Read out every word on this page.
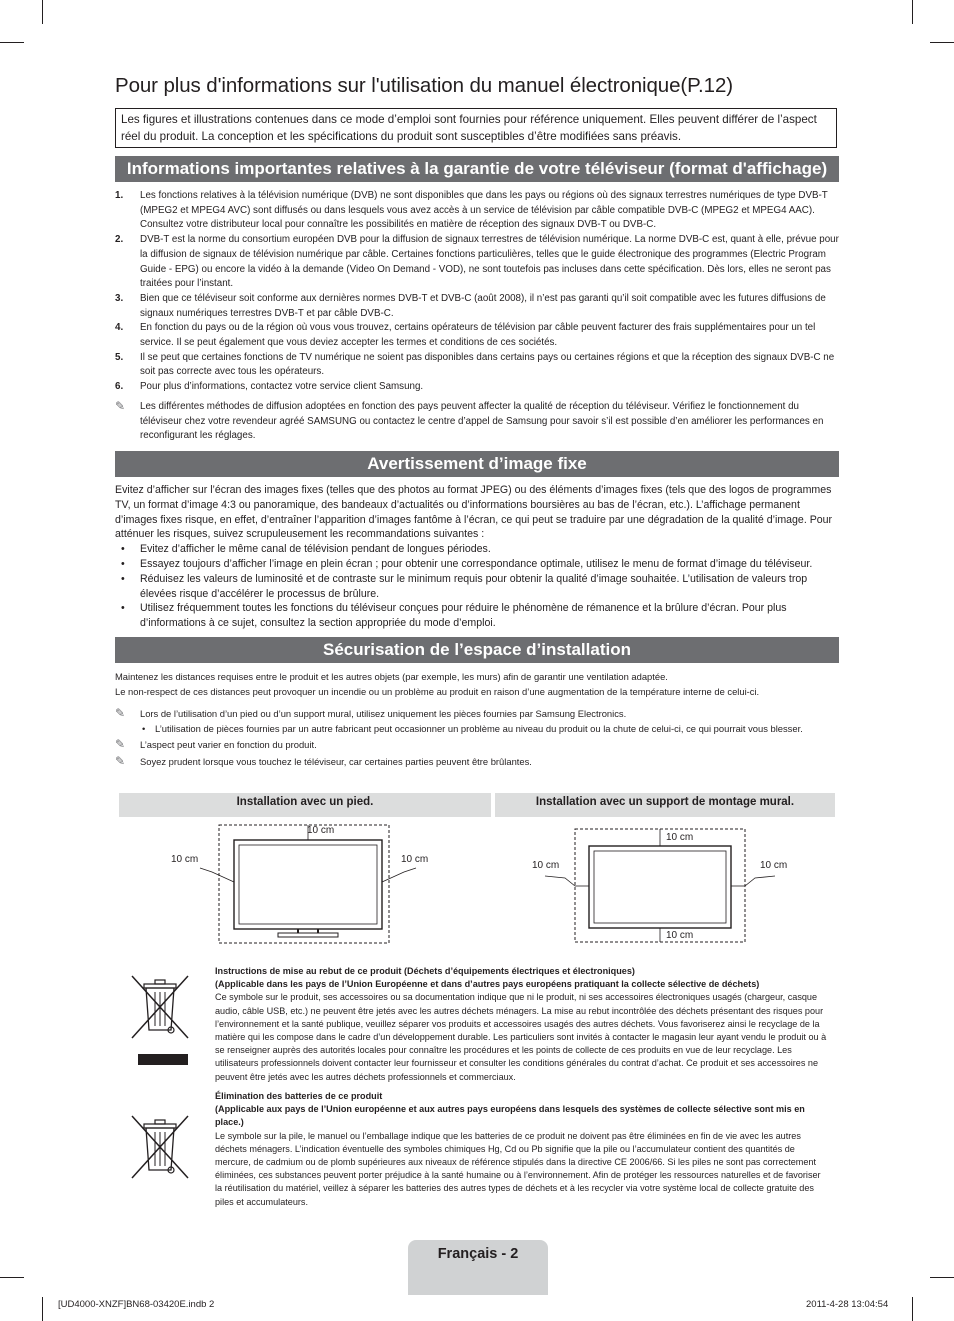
Pour plus d'informations sur l'utilisation du manuel électronique(P.12)
Les figures et illustrations contenues dans ce mode d’emploi sont fournies pour référence uniquement. Elles peuvent différer de l’aspect réel du produit. La conception et les spécifications du produit sont susceptibles d’être modifiées sans préavis.
Informations importantes relatives à la garantie de votre téléviseur (format d'affichage)
1. Les fonctions relatives à la télévision numérique (DVB) ne sont disponibles que dans les pays ou régions où des signaux terrestres numériques de type DVB-T (MPEG2 et MPEG4 AVC) sont diffusés ou dans lesquels vous avez accès à un service de télévision par câble compatible DVB-C (MPEG2 et MPEG4 AAC). Consultez votre distributeur local pour connaître les possibilités en matière de réception des signaux DVB-T ou DVB-C.
2. DVB-T est la norme du consortium européen DVB pour la diffusion de signaux terrestres de télévision numérique. La norme DVB-C est, quant à elle, prévue pour la diffusion de signaux de télévision numérique par câble. Certaines fonctions particulières, telles que le guide électronique des programmes (Electric Program Guide - EPG) ou encore la vidéo à la demande (Video On Demand - VOD), ne sont toutefois pas incluses dans cette spécification. Dès lors, elles ne seront pas traitées pour l’instant.
3. Bien que ce téléviseur soit conforme aux dernières normes DVB-T et DVB-C (août 2008), il n’est pas garanti qu’il soit compatible avec les futures diffusions de signaux numériques terrestres DVB-T et par câble DVB-C.
4. En fonction du pays ou de la région où vous vous trouvez, certains opérateurs de télévision par câble peuvent facturer des frais supplémentaires pour un tel service. Il se peut également que vous deviez accepter les termes et conditions de ces sociétés.
5. Il se peut que certaines fonctions de TV numérique ne soient pas disponibles dans certains pays ou certaines régions et que la réception des signaux DVB-C ne soit pas correcte avec tous les opérateurs.
6. Pour plus d’informations, contactez votre service client Samsung.
✎ Les différentes méthodes de diffusion adoptées en fonction des pays peuvent affecter la qualité de réception du téléviseur. Vérifiez le fonctionnement du téléviseur chez votre revendeur agréé SAMSUNG ou contactez le centre d’appel de Samsung pour savoir s’il est possible d’en améliorer les performances en reconfigurant les réglages.
Avertissement d’image fixe
Evitez d’afficher sur l’écran des images fixes (telles que des photos au format JPEG) ou des éléments d’images fixes (tels que des logos de programmes TV, un format d’image 4:3 ou panoramique, des bandeaux d’actualités ou d’informations boursières au bas de l’écran, etc.). L’affichage permanent d’images fixes risque, en effet, d’entraîner l’apparition d’images fantôme à l’écran, ce qui peut se traduire par une dégradation de la qualité d’image. Pour atténuer les risques, suivez scrupuleusement les recommandations suivantes :
• Evitez d’afficher le même canal de télévision pendant de longues périodes.
• Essayez toujours d’afficher l’image en plein écran ; pour obtenir une correspondance optimale, utilisez le menu de format d’image du téléviseur.
• Réduisez les valeurs de luminosité et de contraste sur le minimum requis pour obtenir la qualité d’image souhaitée. L’utilisation de valeurs trop élevées risque d’accélérer le processus de brûlure.
• Utilisez fréquemment toutes les fonctions du téléviseur conçues pour réduire le phénomène de rémanence et la brûlure d’écran. Pour plus d’informations à ce sujet, consultez la section appropriée du mode d’emploi.
Sécurisation de l’espace d’installation
Maintenez les distances requises entre le produit et les autres objets (par exemple, les murs) afin de garantir une ventilation adaptée.
Le non-respect de ces distances peut provoquer un incendie ou un problème au produit en raison d’une augmentation de la température interne de celui-ci.
✎ Lors de l’utilisation d’un pied ou d’un support mural, utilisez uniquement les pièces fournies par Samsung Electronics.
• L’utilisation de pièces fournies par un autre fabricant peut occasionner un problème au niveau du produit ou la chute de celui-ci, ce qui pourrait vous blesser.
✎ L’aspect peut varier en fonction du produit.
✎ Soyez prudent lorsque vous touchez le téléviseur, car certaines parties peuvent être brûlantes.
Installation avec un pied.	Installation avec un support de montage mural.
10 cm
10 cm	10 cm
10 cm
10 cm	10 cm
10 cm
Instructions de mise au rebut de ce produit (Déchets d’équipements électriques et électroniques)
(Applicable dans les pays de l’Union Européenne et dans d’autres pays européens pratiquant la collecte sélective de déchets)
Ce symbole sur le produit, ses accessoires ou sa documentation indique que ni le produit, ni ses accessoires électroniques usagés (chargeur, casque audio, câble USB, etc.) ne peuvent être jetés avec les autres déchets ménagers. La mise au rebut incontrôlée des déchets présentant des risques pour l’environnement et la santé publique, veuillez séparer vos produits et accessoires usagés des autres déchets. Vous favoriserez ainsi le recyclage de la matière qui les compose dans le cadre d’un développement durable. Les particuliers sont invités à contacter le magasin leur ayant vendu le produit ou à se renseigner auprès des autorités locales pour connaître les procédures et les points de collecte de ces produits en vue de leur recyclage. Les utilisateurs professionnels doivent contacter leur fournisseur et consulter les conditions générales du contrat d’achat. Ce produit et ses accessoires ne peuvent être jetés avec les autres déchets professionnels et commerciaux.
Élimination des batteries de ce produit
(Applicable aux pays de l’Union européenne et aux autres pays européens dans lesquels des systèmes de collecte sélective sont mis en place.)
Le symbole sur la pile, le manuel ou l’emballage indique que les batteries de ce produit ne doivent pas être éliminées en fin de vie avec les autres déchets ménagers. L’indication éventuelle des symboles chimiques Hg, Cd ou Pb signifie que la pile ou l’accumulateur contient des quantités de mercure, de cadmium ou de plomb supérieures aux niveaux de référence stipulés dans la directive CE 2006/66. Si les piles ne sont pas correctement éliminées, ces substances peuvent porter préjudice à la santé humaine ou à l’environnement. Afin de protéger les ressources naturelles et de favoriser la réutilisation du matériel, veillez à séparer les batteries des autres types de déchets et à les recycler via votre système local de collecte gratuite des piles et accumulateurs.
Français - 2
[UD4000-XNZF]BN68-03420E.indb 2	2011-4-28 13:04:54
